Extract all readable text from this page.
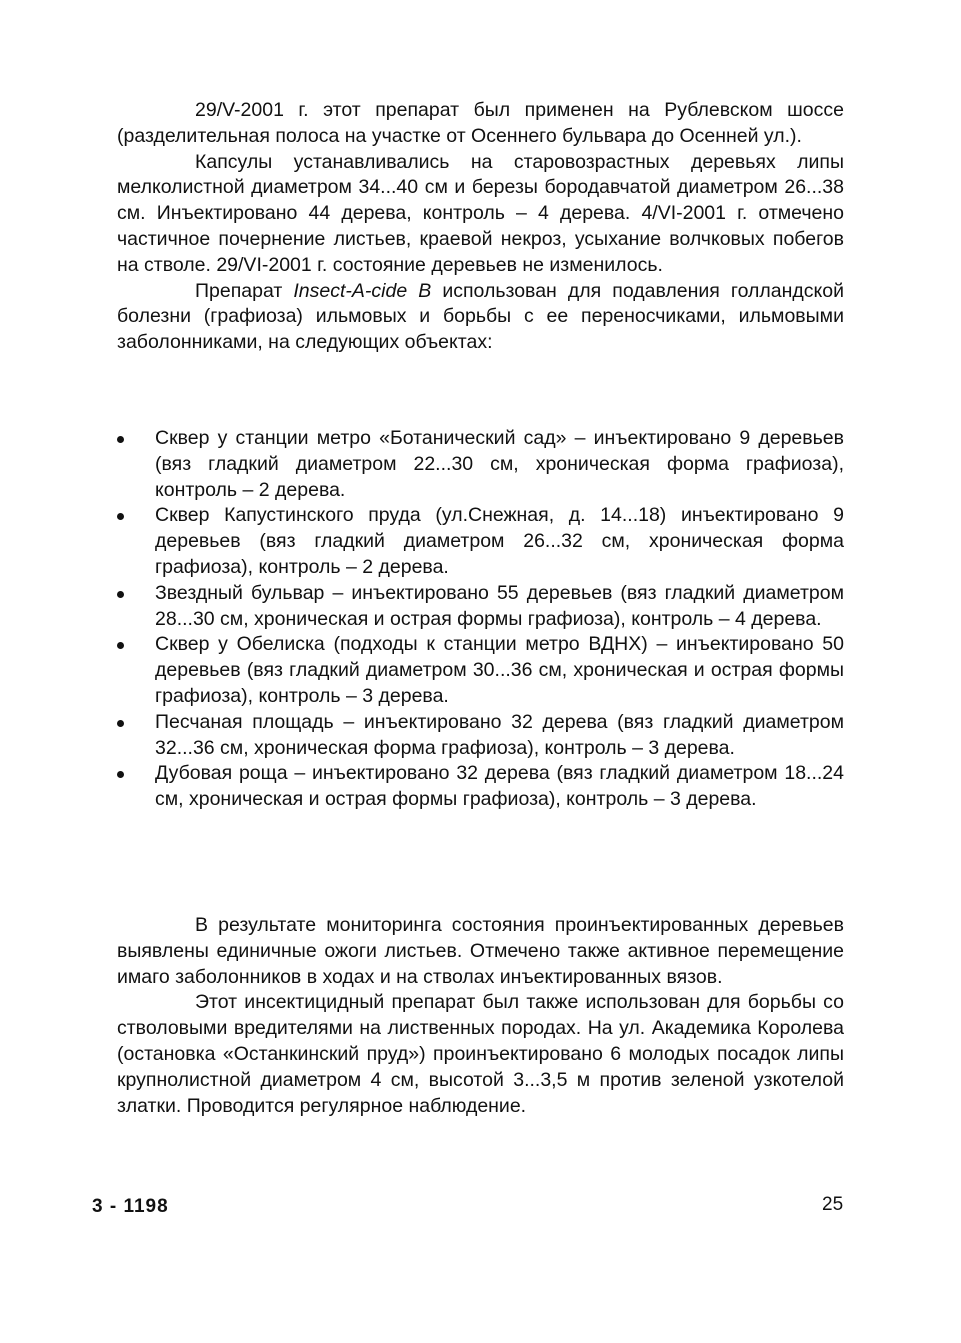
29/V-2001 г. этот препарат был применен на Рублевском шоссе (разделительная полоса на участке от Осеннего бульвара до Осенней ул.).

Капсулы устанавливались на старовозрастных деревьях липы мелколистной диаметром 34...40 см и березы бородавчатой диаметром 26...38 см. Инъектировано 44 дерева, контроль – 4 дерева. 4/VI-2001 г. отмечено частичное почернение листьев, краевой некроз, усыхание волчковых побегов на стволе. 29/VI-2001 г. состояние деревьев не изменилось.

Препарат Insect-A-cide B использован для подавления голландской болезни (графиоза) ильмовых и борьбы с ее переносчиками, ильмовыми заболонниками, на следующих объектах:

Сквер у станции метро «Ботанический сад» – инъектировано 9 деревьев (вяз гладкий диаметром 22...30 см, хроническая форма графиоза), контроль – 2 дерева.
Сквер Капустинского пруда (ул.Снежная, д. 14...18) инъектировано 9 деревьев (вяз гладкий диаметром 26...32 см, хроническая форма графиоза), контроль – 2 дерева.
Звездный бульвар – инъектировано 55 деревьев (вяз гладкий диаметром 28...30 см, хроническая и острая формы графиоза), контроль – 4 дерева.
Сквер у Обелиска (подходы к станции метро ВДНХ) – инъектировано 50 деревьев (вяз гладкий диаметром 30...36 см, хроническая и острая формы графиоза), контроль – 3 дерева.
Песчаная площадь – инъектировано 32 дерева (вяз гладкий диаметром 32...36 см, хроническая форма графиоза), контроль – 3 дерева.
Дубовая роща – инъектировано 32 дерева (вяз гладкий диаметром 18...24 см, хроническая и острая формы графиоза), контроль – 3 дерева.

В результате мониторинга состояния проинъектированных деревьев выявлены единичные ожоги листьев. Отмечено также активное перемещение имаго заболонников в ходах и на стволах инъектированных вязов.

Этот инсектицидный препарат был также использован для борьбы со стволовыми вредителями на лиственных породах. На ул. Академика Королева (остановка «Останкинский пруд») проинъектировано 6 молодых посадок липы крупнолистной диаметром 4 см, высотой 3...3,5 м против зеленой узкотелой златки. Проводится регулярное наблюдение.

3 - 1198	25
